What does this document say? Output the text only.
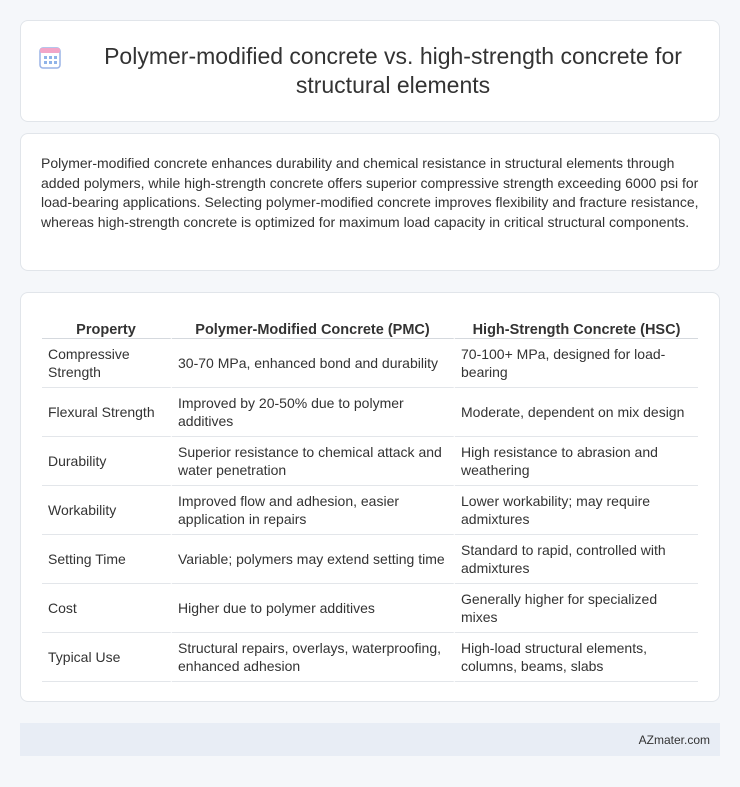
Polymer-modified concrete vs. high-strength concrete for structural elements

Polymer-modified concrete enhances durability and chemical resistance in structural elements through added polymers, while high-strength concrete offers superior compressive strength exceeding 6000 psi for load-bearing applications. Selecting polymer-modified concrete improves flexibility and fracture resistance, whereas high-strength concrete is optimized for maximum load capacity in critical structural components.

Property	Polymer-Modified Concrete (PMC)	High-Strength Concrete (HSC)
Compressive Strength	30-70 MPa, enhanced bond and durability	70-100+ MPa, designed for load-bearing
Flexural Strength	Improved by 20-50% due to polymer additives	Moderate, dependent on mix design
Durability	Superior resistance to chemical attack and water penetration	High resistance to abrasion and weathering
Workability	Improved flow and adhesion, easier application in repairs	Lower workability; may require admixtures
Setting Time	Variable; polymers may extend setting time	Standard to rapid, controlled with admixtures
Cost	Higher due to polymer additives	Generally higher for specialized mixes
Typical Use	Structural repairs, overlays, waterproofing, enhanced adhesion	High-load structural elements, columns, beams, slabs
AZmater.com
